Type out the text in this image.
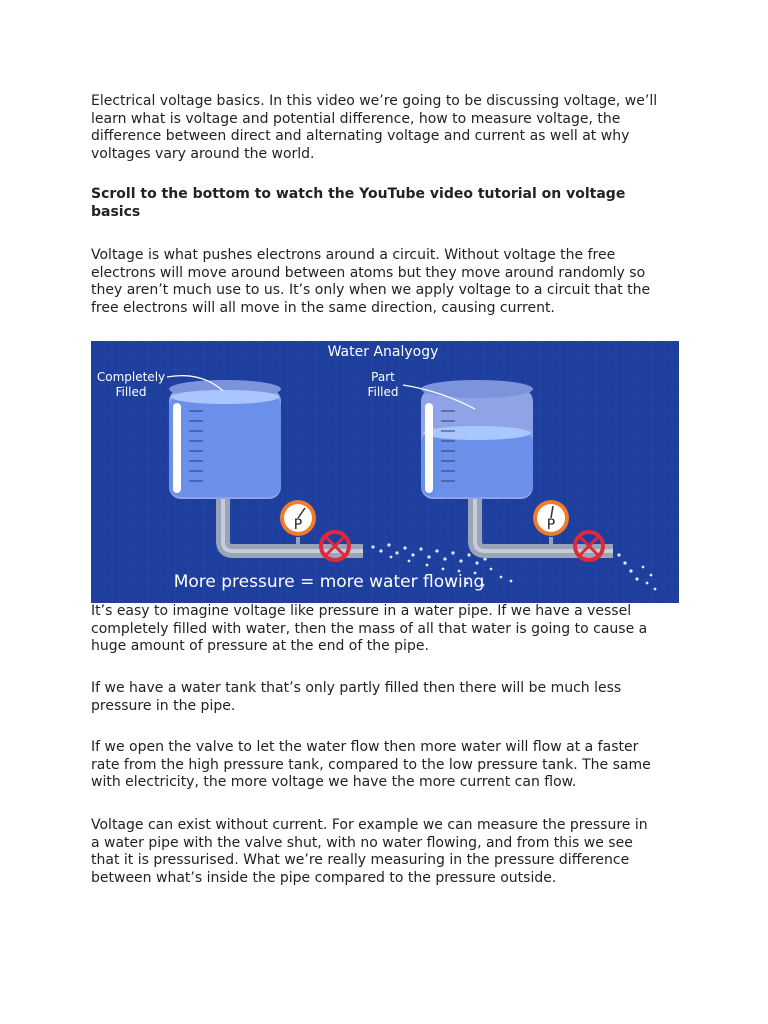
Electrical voltage basics. In this video we’re going to be discussing voltage, we’ll
learn what is voltage and potential difference, how to measure voltage, the
difference between direct and alternating voltage and current as well at why
voltages vary around the world.

Scroll to the bottom to watch the YouTube video tutorial on voltage
basics

Voltage is what pushes electrons around a circuit. Without voltage the free
electrons will move around between atoms but they move around randomly so
they aren’t much use to us. It’s only when we apply voltage to a circuit that the
free electrons will all move in the same direction, causing current.

Water Analyogy
Completely
Filled
P
Part
Filled
P
More pressure = more water flowing

It’s easy to imagine voltage like pressure in a water pipe. If we have a vessel
completely filled with water, then the mass of all that water is going to cause a
huge amount of pressure at the end of the pipe.

If we have a water tank that’s only partly filled then there will be much less
pressure in the pipe.

If we open the valve to let the water flow then more water will flow at a faster
rate from the high pressure tank, compared to the low pressure tank. The same
with electricity, the more voltage we have the more current can flow.

Voltage can exist without current. For example we can measure the pressure in
a water pipe with the valve shut, with no water flowing, and from this we see
that it is pressurised. What we’re really measuring in the pressure difference
between what’s inside the pipe compared to the pressure outside.
